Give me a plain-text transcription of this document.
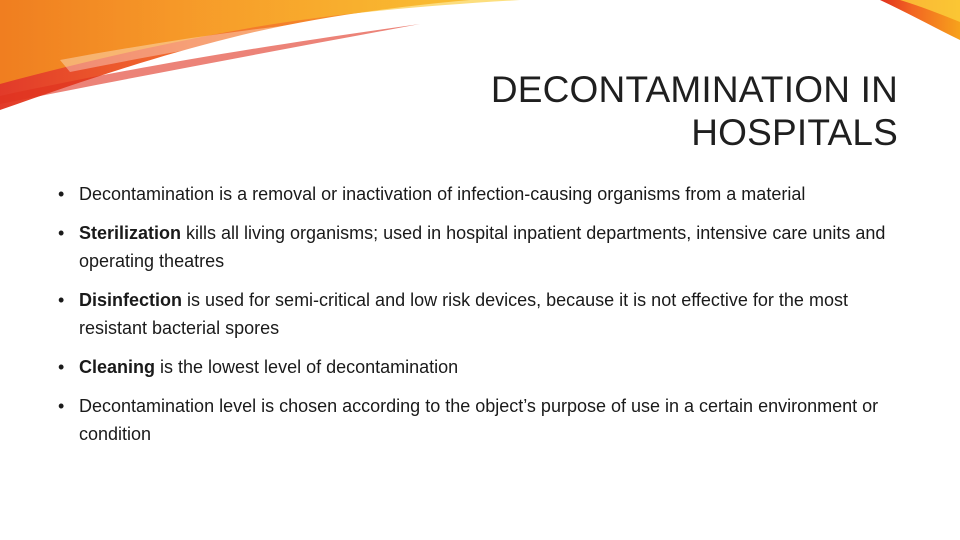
DECONTAMINATION IN
HOSPITALS
• Decontamination is a removal or inactivation of infection-causing organisms from a material
• Sterilization kills all living organisms; used in hospital inpatient departments, intensive care units and operating theatres
• Disinfection is used for semi-critical and low risk devices, because it is not effective for the most resistant bacterial spores
• Cleaning is the lowest level of decontamination
• Decontamination level is chosen according to the object’s purpose of use in a certain environment or condition
